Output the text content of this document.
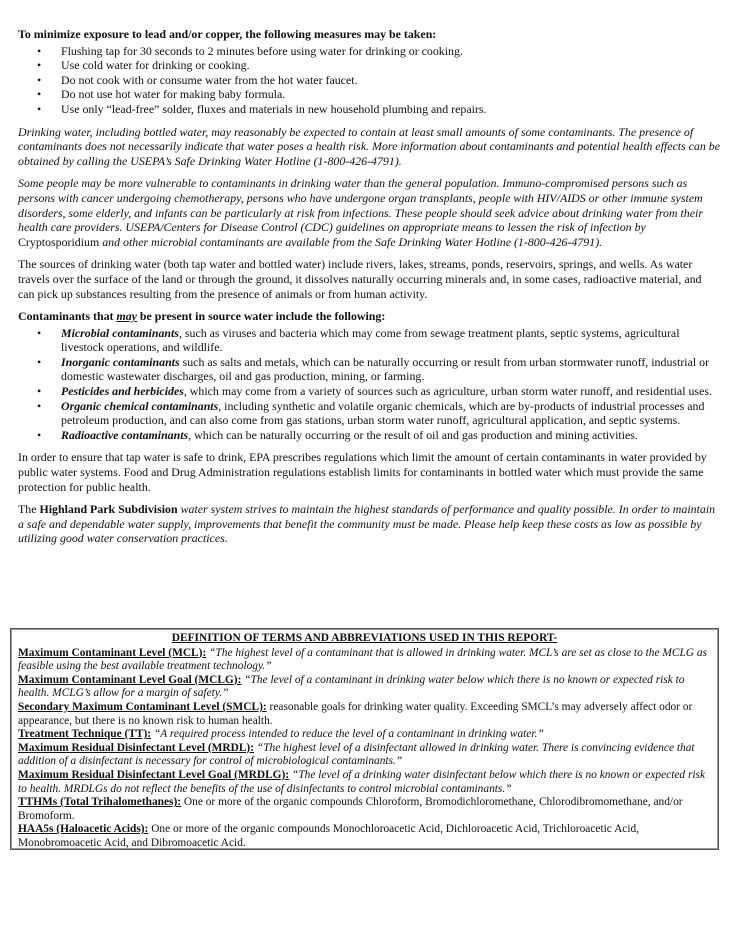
To minimize exposure to lead and/or copper, the following measures may be taken:

• Flushing tap for 30 seconds to 2 minutes before using water for drinking or cooking.
• Use cold water for drinking or cooking.
• Do not cook with or consume water from the hot water faucet.
• Do not use hot water for making baby formula.
• Use only “lead-free” solder, fluxes and materials in new household plumbing and repairs.

Drinking water, including bottled water, may reasonably be expected to contain at least small amounts of some contaminants. The presence of contaminants does not necessarily indicate that water poses a health risk. More information about contaminants and potential health effects can be obtained by calling the USEPA’s Safe Drinking Water Hotline (1-800-426-4791).

Some people may be more vulnerable to contaminants in drinking water than the general population. Immuno-compromised persons such as persons with cancer undergoing chemotherapy, persons who have undergone organ transplants, people with HIV/AIDS or other immune system disorders, some elderly, and infants can be particularly at risk from infections. These people should seek advice about drinking water from their health care providers. USEPA/Centers for Disease Control (CDC) guidelines on appropriate means to lessen the risk of infection by Cryptosporidium and other microbial contaminants are available from the Safe Drinking Water Hotline (1-800-426-4791).

The sources of drinking water (both tap water and bottled water) include rivers, lakes, streams, ponds, reservoirs, springs, and wells. As water travels over the surface of the land or through the ground, it dissolves naturally occurring minerals and, in some cases, radioactive material, and can pick up substances resulting from the presence of animals or from human activity.

Contaminants that may be present in source water include the following:

• Microbial contaminants, such as viruses and bacteria which may come from sewage treatment plants, septic systems, agricultural livestock operations, and wildlife.
• Inorganic contaminants such as salts and metals, which can be naturally occurring or result from urban stormwater runoff, industrial or domestic wastewater discharges, oil and gas production, mining, or farming.
• Pesticides and herbicides, which may come from a variety of sources such as agriculture, urban storm water runoff, and residential uses.
• Organic chemical contaminants, including synthetic and volatile organic chemicals, which are by-products of industrial processes and petroleum production, and can also come from gas stations, urban storm water runoff, agricultural application, and septic systems.
• Radioactive contaminants, which can be naturally occurring or the result of oil and gas production and mining activities.

In order to ensure that tap water is safe to drink, EPA prescribes regulations which limit the amount of certain contaminants in water provided by public water systems. Food and Drug Administration regulations establish limits for contaminants in bottled water which must provide the same protection for public health.

The Highland Park Subdivision water system strives to maintain the highest standards of performance and quality possible. In order to maintain a safe and dependable water supply, improvements that benefit the community must be made. Please help keep these costs as low as possible by utilizing good water conservation practices.

DEFINITION OF TERMS AND ABBREVIATIONS USED IN THIS REPORT-

Maximum Contaminant Level (MCL): “The highest level of a contaminant that is allowed in drinking water. MCL’s are set as close to the MCLG as feasible using the best available treatment technology.”

Maximum Contaminant Level Goal (MCLG): “The level of a contaminant in drinking water below which there is no known or expected risk to health. MCLG’s allow for a margin of safety.”

Secondary Maximum Contaminant Level (SMCL): reasonable goals for drinking water quality. Exceeding SMCL’s may adversely affect odor or appearance, but there is no known risk to human health.

Treatment Technique (TT): “A required process intended to reduce the level of a contaminant in drinking water.”

Maximum Residual Disinfectant Level (MRDL): “The highest level of a disinfectant allowed in drinking water. There is convincing evidence that addition of a disinfectant is necessary for control of microbiological contaminants.”

Maximum Residual Disinfectant Level Goal (MRDLG): “The level of a drinking water disinfectant below which there is no known or expected risk to health. MRDLGs do not reflect the benefits of the use of disinfectants to control microbial contaminants.”

TTHMs (Total Trihalomethanes): One or more of the organic compounds Chloroform, Bromodichloromethane, Chlorodibromomethane, and/or Bromoform.

HAA5s (Haloacetic Acids): One or more of the organic compounds Monochloroacetic Acid, Dichloroacetic Acid, Trichloroacetic Acid, Monobromoacetic Acid, and Dibromoacetic Acid.
